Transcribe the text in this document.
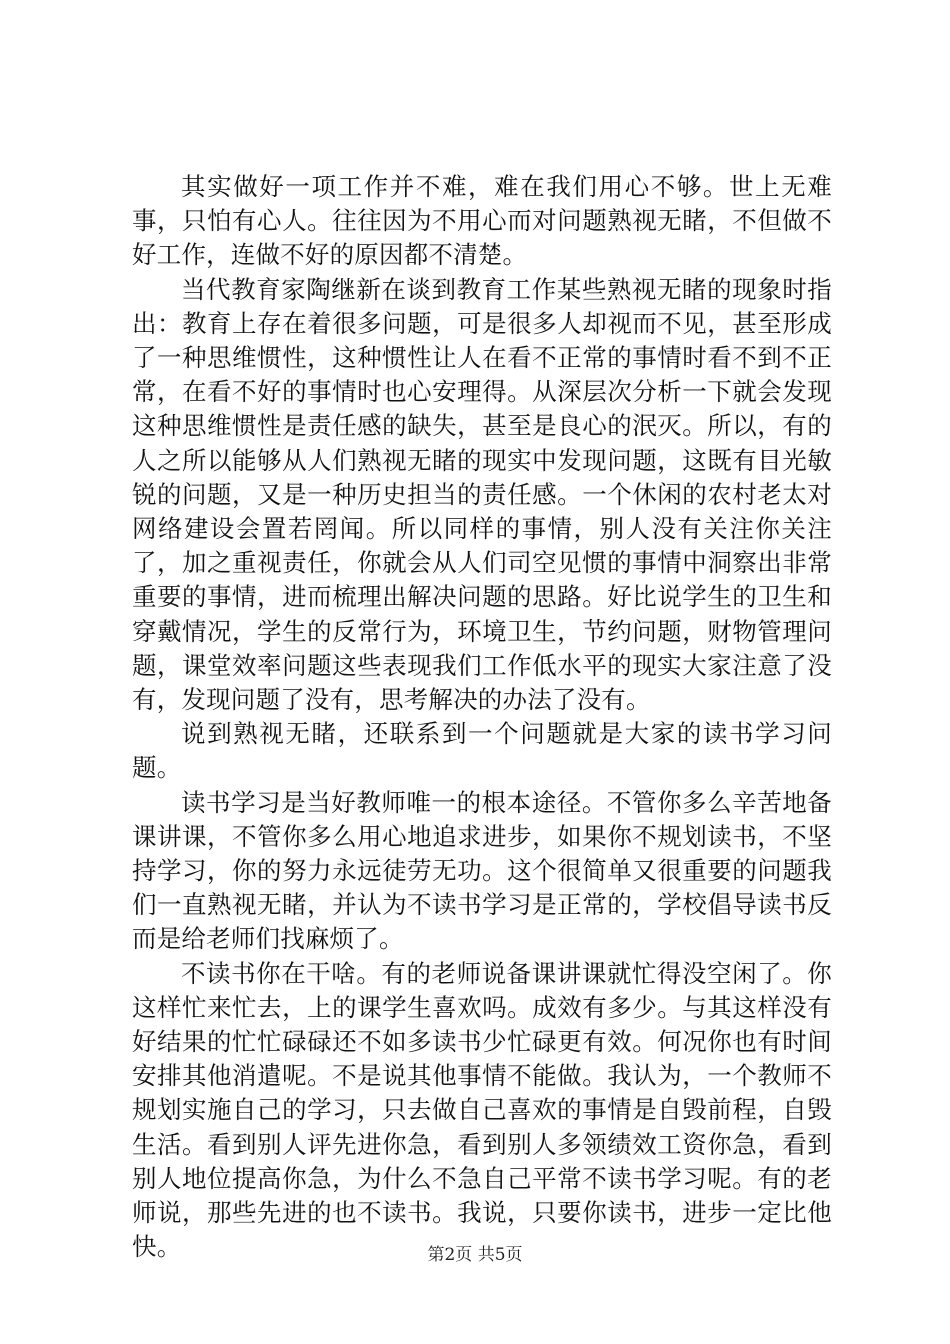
其实做好一项工作并不难，难在我们用心不够。世上无难事，只怕有心人。往往因为不用心而对问题熟视无睹，不但做不好工作，连做不好的原因都不清楚。

当代教育家陶继新在谈到教育工作某些熟视无睹的现象时指出：教育上存在着很多问题，可是很多人却视而不见，甚至形成了一种思维惯性，这种惯性让人在看不正常的事情时看不到不正常，在看不好的事情时也心安理得。从深层次分析一下就会发现这种思维惯性是责任感的缺失，甚至是良心的泯灭。所以，有的人之所以能够从人们熟视无睹的现实中发现问题，这既有目光敏锐的问题，又是一种历史担当的责任感。一个休闲的农村老太对网络建设会置若罔闻。所以同样的事情，别人没有关注你关注了，加之重视责任，你就会从人们司空见惯的事情中洞察出非常重要的事情，进而梳理出解决问题的思路。好比说学生的卫生和穿戴情况，学生的反常行为，环境卫生，节约问题，财物管理问题，课堂效率问题这些表现我们工作低水平的现实大家注意了没有，发现问题了没有，思考解决的办法了没有。

说到熟视无睹，还联系到一个问题就是大家的读书学习问题。

读书学习是当好教师唯一的根本途径。不管你多么辛苦地备课讲课，不管你多么用心地追求进步，如果你不规划读书，不坚持学习，你的努力永远徒劳无功。这个很简单又很重要的问题我们一直熟视无睹，并认为不读书学习是正常的，学校倡导读书反而是给老师们找麻烦了。

不读书你在干啥。有的老师说备课讲课就忙得没空闲了。你这样忙来忙去，上的课学生喜欢吗。成效有多少。与其这样没有好结果的忙忙碌碌还不如多读书少忙碌更有效。何况你也有时间安排其他消遣呢。不是说其他事情不能做。我认为，一个教师不规划实施自己的学习，只去做自己喜欢的事情是自毁前程，自毁生活。看到别人评先进你急，看到别人多领绩效工资你急，看到别人地位提高你急，为什么不急自己平常不读书学习呢。有的老师说，那些先进的也不读书。我说，只要你读书，进步一定比他快。	第2页 共5页
